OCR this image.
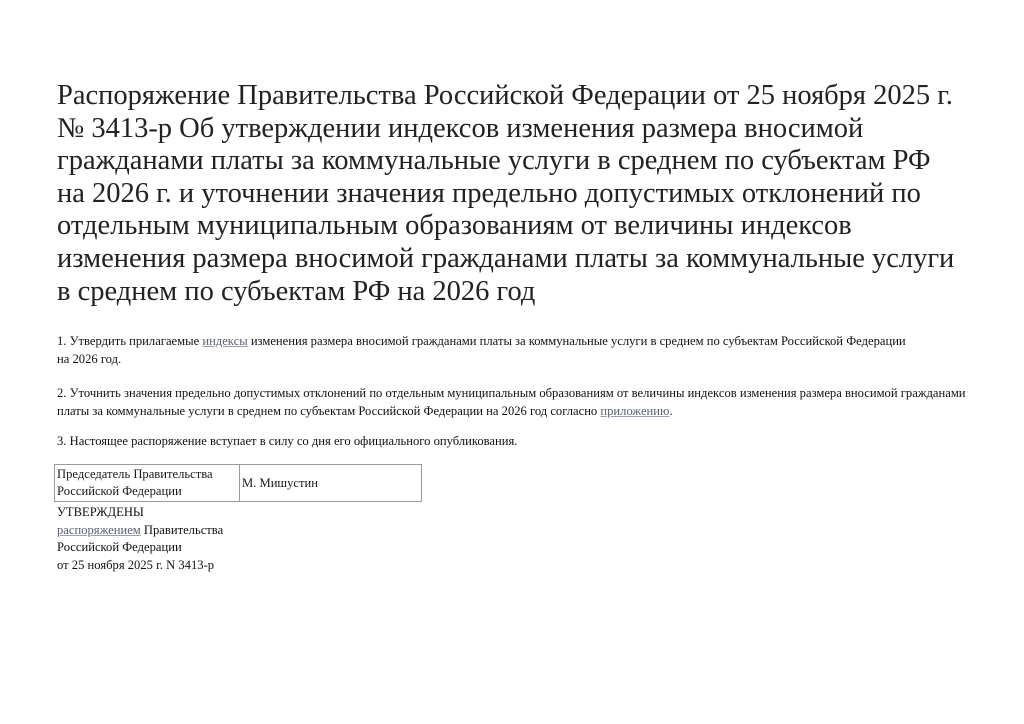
Распоряжение Правительства Российской Федерации от 25 ноября 2025 г. № 3413-р Об утверждении индексов изменения размера вносимой гражданами платы за коммунальные услуги в среднем по субъектам РФ на 2026 г. и уточнении значения предельно допустимых отклонений по отдельным муниципальным образованиям от величины индексов изменения размера вносимой гражданами платы за коммунальные услуги в среднем по субъектам РФ на 2026 год

1. Утвердить прилагаемые индексы изменения размера вносимой гражданами платы за коммунальные услуги в среднем по субъектам Российской Федерации на 2026 год.

2. Уточнить значения предельно допустимых отклонений по отдельным муниципальным образованиям от величины индексов изменения размера вносимой гражданами платы за коммунальные услуги в среднем по субъектам Российской Федерации на 2026 год согласно приложению.

3. Настоящее распоряжение вступает в силу со дня его официального опубликования.

Председатель Правительства Российской Федерации	М. Мишустин
УТВЕРЖДЕНЫ
распоряжением Правительства
Российской Федерации
от 25 ноября 2025 г. N 3413-р
